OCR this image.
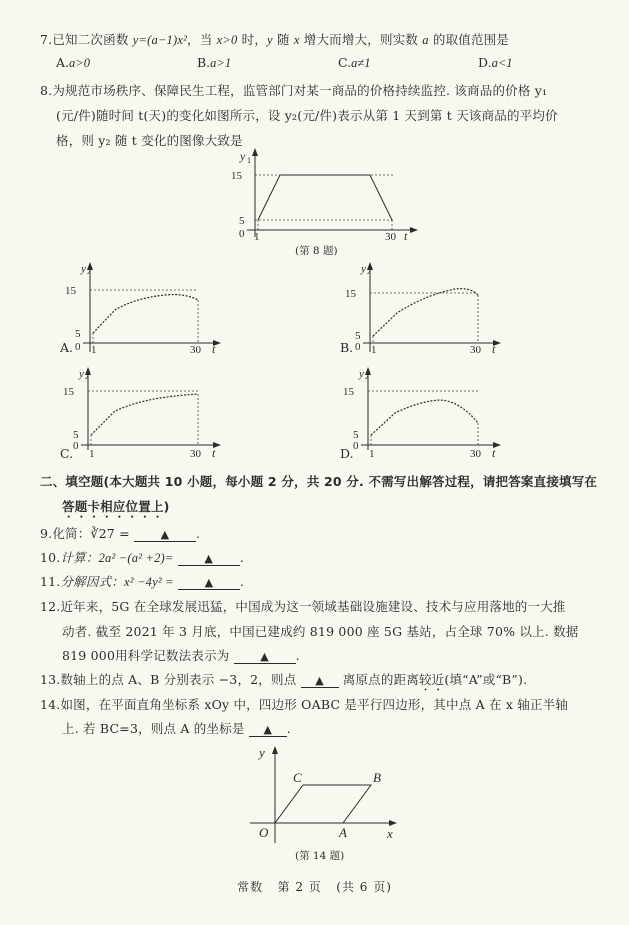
7.已知二次函数 y=(a−1)x²，当 x>0 时，y 随 x 增大而增大，则实数 a 的取值范围是
A.a>0	B.a>1	C.a≠1	D.a<1
8.为规范市场秩序、保障民生工程，监管部门对某一商品的价格持续监控. 该商品的价格 y₁
(元/件)随时间 t(天)的变化如图所示，设 y₂(元/件)表示从第 1 天到第 t 天该商品的平均价
格，则 y₂ 随 t 变化的图像大致是
y 1
15
5
0 1	30 t
(第 8 题)
y 2
15
5
0 1	30 t
A.
y 2
15
5
0 1	30 t
B.
y 2
15
5
0
1	30 t
C.
y 2
15
5
0
1	30 t
D.
二、填空题(本大题共 10 小题，每小题 2 分，共 20 分. 不需写出解答过程，请把答案直接填写在
答题卡相应位置上)
9.化简：∛27 =	▲ .
10.计算：2a² −(a² +2)=	▲ .
11.分解因式：x² −4y² =	▲ .
12.近年来，5G 在全球发展迅猛，中国成为这一领域基础设施建设、技术与应用落地的一大推
动者. 截至 2021 年 3 月底，中国已建成约 819 000 座 5G 基站，占全球 70% 以上. 数据
819 000用科学记数法表示为	▲ .
13.数轴上的点 A、B 分别表示 −3，2，则点 ▲ 离原点的距离较近(填“A”或“B”).
14.如图，在平面直角坐标系 xOy 中，四边形 OABC 是平行四边形，其中点 A 在 x 轴正半轴
上. 若 BC=3，则点 A 的坐标是 ▲ .
y
x
O	A
B
C
(第 14 题)
常数 第 2 页 (共 6 页)
